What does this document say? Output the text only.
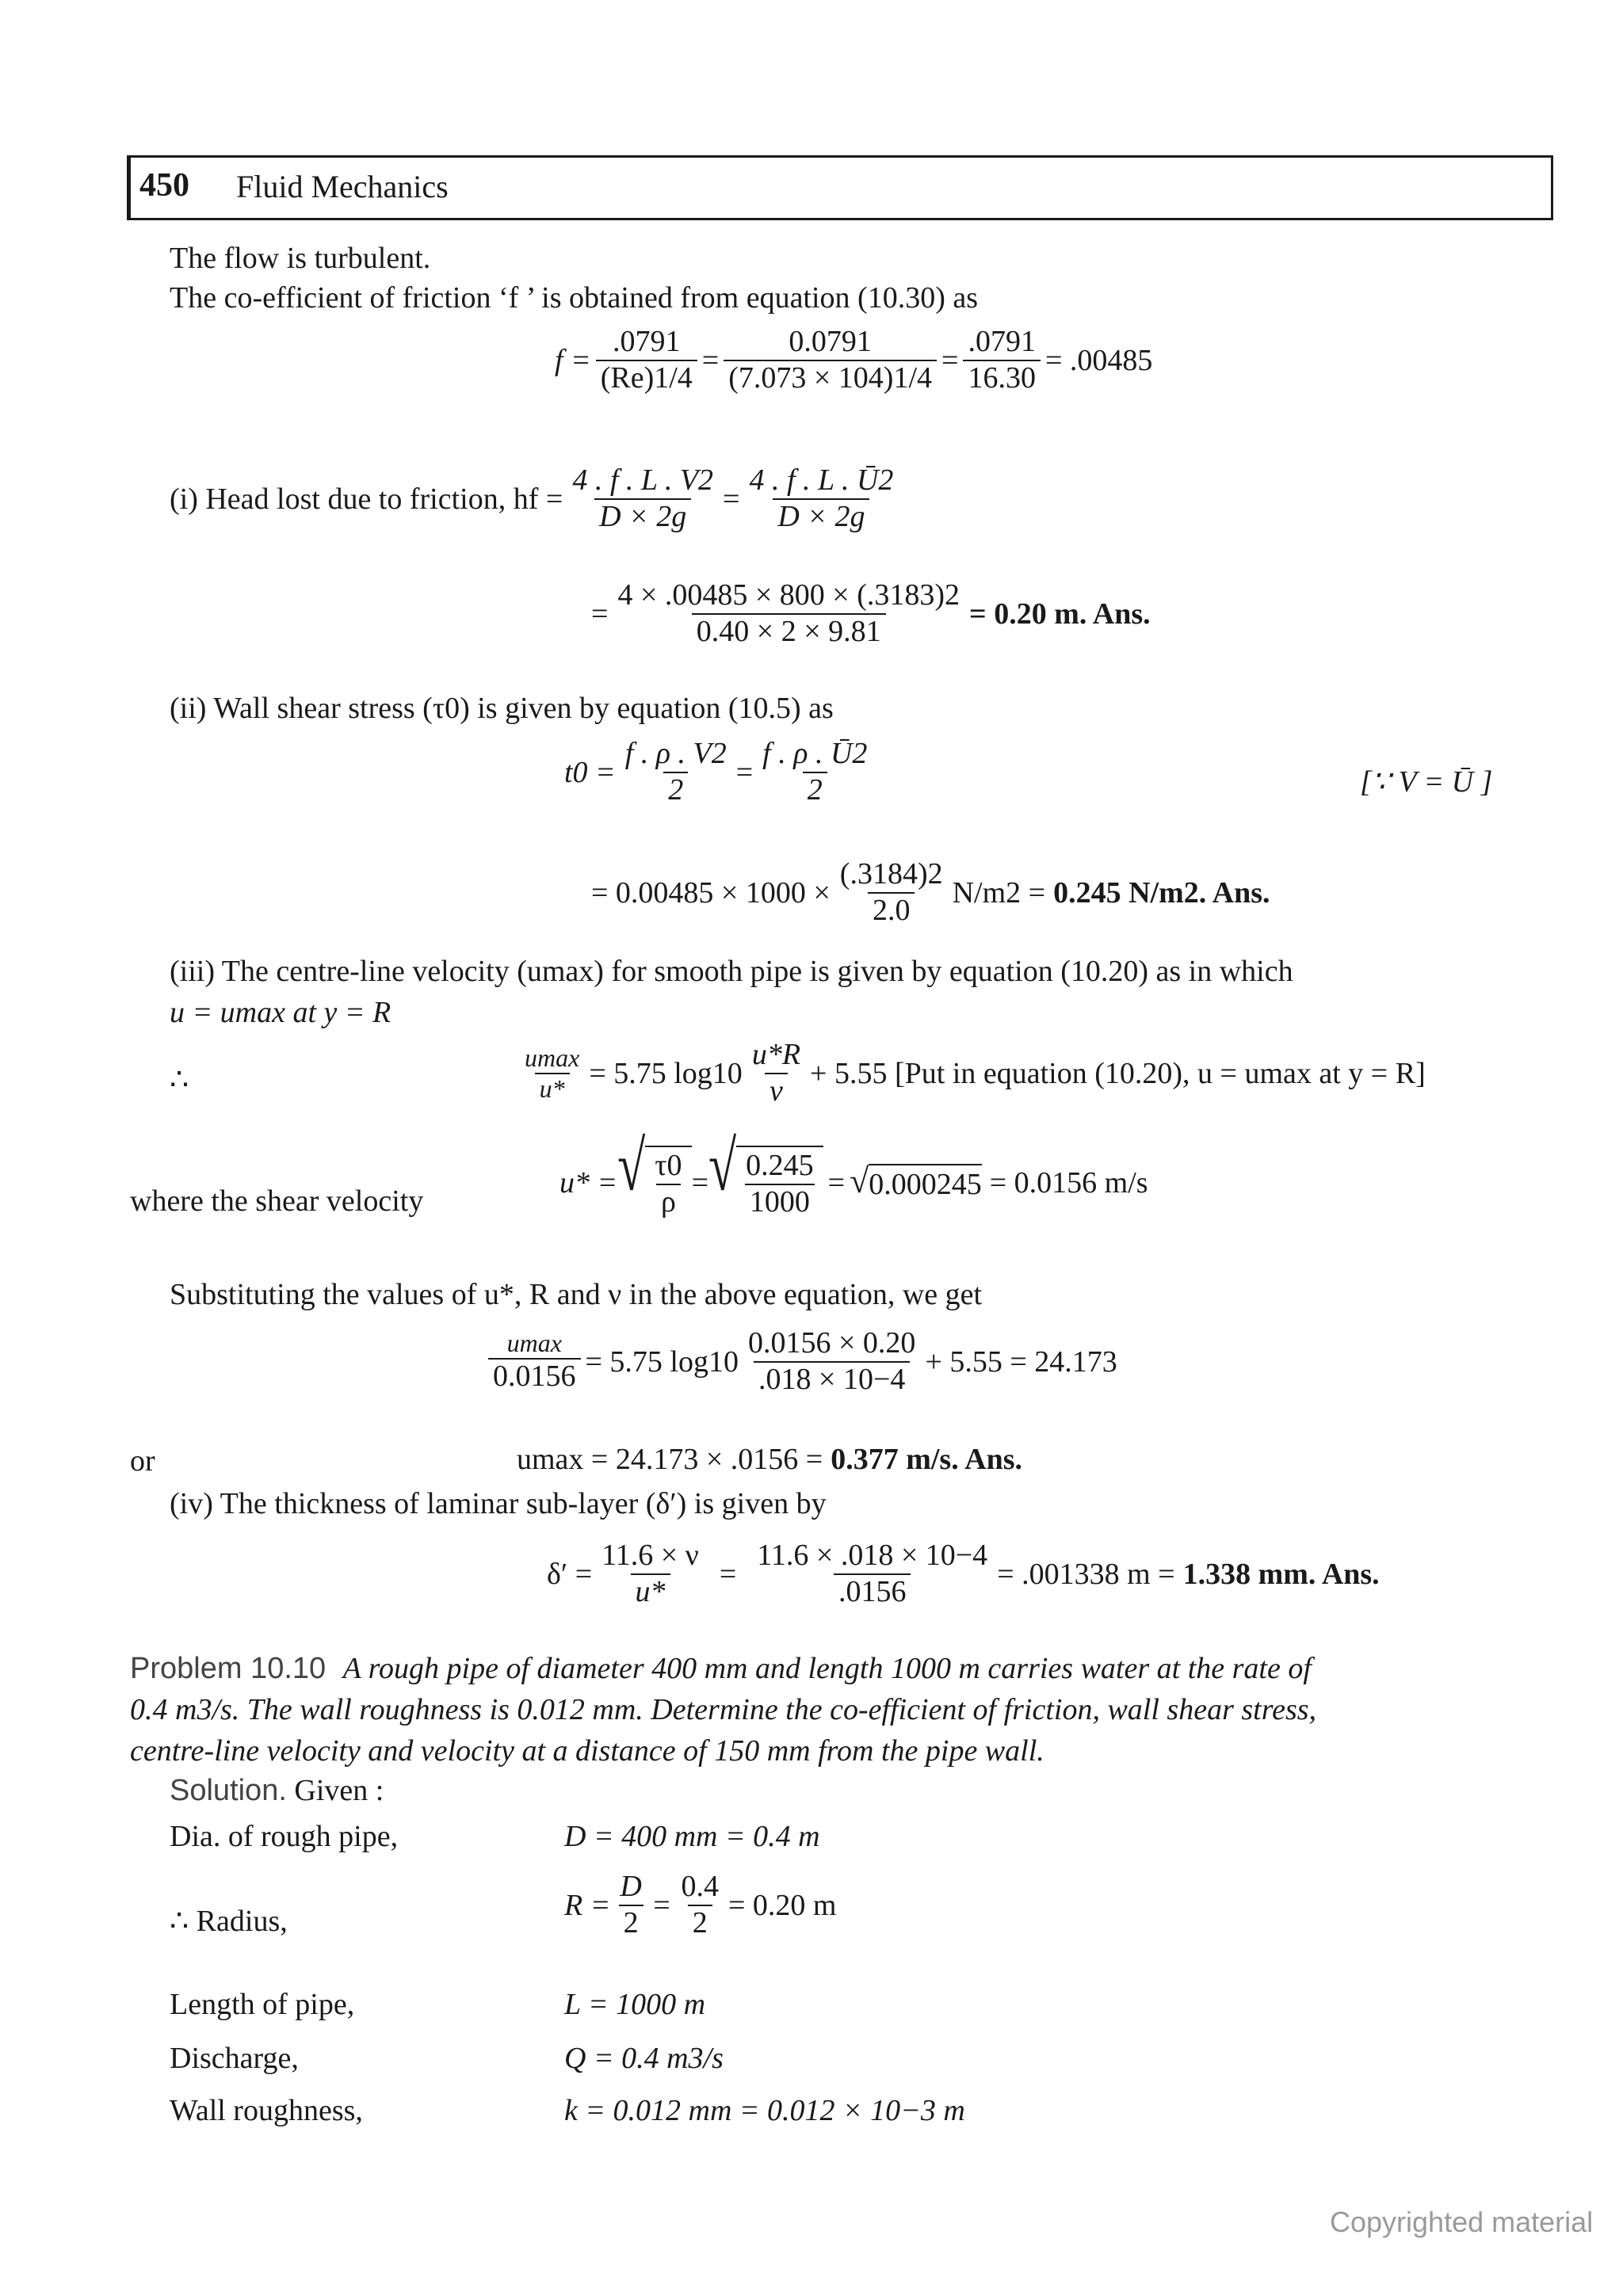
450 Fluid Mechanics
The flow is turbulent.
The co-efficient of friction ‘f ’ is obtained from equation (10.30) as
$f = \frac{.0791}{(Re)1/4} = \frac{0.0791}{(7.073 \times 104)1/4} = \frac{.0791}{16.30} = .00485$
(i) Head lost due to friction, hf = $\frac{4 . f . L . V2}{D \times 2g} = \frac{4 . f . L . Ū2}{D \times 2g}$
= $\frac{4 \times .00485 \times 800 \times (.3183)2}{0.40 \times 2 \times 9.81} = 0.20$ m. Ans.
(ii) Wall shear stress (τ0) is given by equation (10.5) as
$t0 = \frac{f . \rho . V2}{2} = \frac{f . \rho . Ū2}{2}$	[∵ V = Ū ]
= $0.00485 \times 1000 \times \frac{(.3184)2}{2.0} N/m2 = 0.245$ N/m2. Ans.
(iii) The centre-line velocity (umax) for smooth pipe is given by equation (10.20) as in which
u = umax at y = R
∴	$\frac{umax}{u*} = 5.75$ $\log 10 \frac{u*R}{\nu} + 5.55$ [Put in equation (10.20), u = umax at y = R]
where the shear velocity
u* = √ $\frac{\tau 0}{\rho}$ = √ $\frac{0.245}{1000}$ = √ 0.000245 = 0.0156 m/s
Substituting the values of u*, R and ν in the above equation, we get
$\frac{umax}{0.0156} = 5.75$ $\log 10 \frac{0.0156 \times 0.20}{.018 \times 10-4} + 5.55 = 24.173$
or	umax = 24.173 × .0156 = 0.377 m/s. Ans.
(iv) The thickness of laminar sub-layer (δ′) is given by
$\delta' = \frac{11.6 \times \nu}{u*} = \frac{11.6 \times .018 \times 10-4}{.0156} = .001338$ m = 1.338 mm. Ans.
Problem 10.10 A rough pipe of diameter 400 mm and length 1000 m carries water at the rate of
0.4 m3/s. The wall roughness is 0.012 mm. Determine the co-efficient of friction, wall shear stress,
centre-line velocity and velocity at a distance of 150 mm from the pipe wall.
Solution. Given :
Dia. of rough pipe,	D = 400 mm = 0.4 m
∴ Radius,	$R = \frac{D}{2} = \frac{0.4}{2} = 0.20$ m
Length of pipe,	L = 1000 m
Discharge,	Q = 0.4 m3/s
Wall roughness,	k = 0.012 mm = 0.012 × 10−3 m
Copyrighted material
